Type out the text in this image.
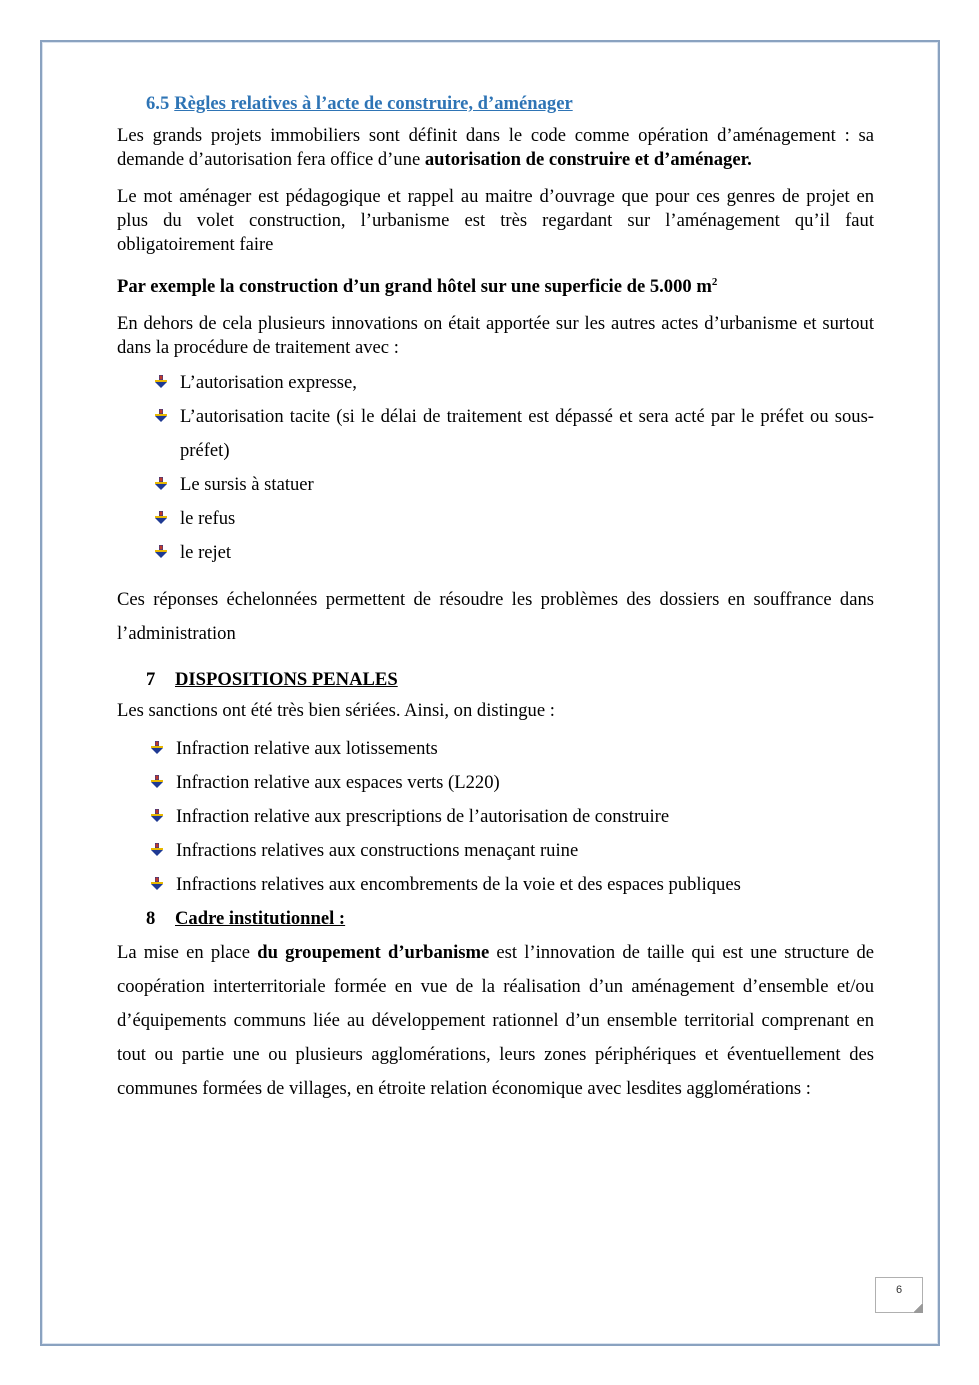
6.5 Règles relatives à l’acte de construire, d’aménager

Les grands projets immobiliers sont définit dans le code comme opération d’aménagement : sa demande d’autorisation fera office d’une autorisation de construire et d’aménager.

Le mot aménager est pédagogique et rappel au maitre d’ouvrage que pour ces genres de projet en plus du volet construction, l’urbanisme est très regardant sur l’aménagement qu’il faut obligatoirement faire

Par exemple la construction d’un grand hôtel sur une superficie de 5.000 $m^2$

En dehors de cela plusieurs innovations on était apportée sur les autres actes d’urbanisme et surtout dans la procédure de traitement avec :

L’autorisation expresse,
L’autorisation tacite (si le délai de traitement est dépassé et sera acté par le préfet ou sous-préfet)
Le sursis à statuer
le refus
le rejet

Ces réponses échelonnées permettent de résoudre les problèmes des dossiers en souffrance dans l’administration

7 DISPOSITIONS PENALES

Les sanctions ont été très bien sériées. Ainsi, on distingue :

Infraction relative aux lotissements
Infraction relative aux espaces verts (L220)
Infraction relative aux prescriptions de l’autorisation de construire
Infractions relatives aux constructions menaçant ruine
Infractions relatives aux encombrements de la voie et des espaces publiques

8 Cadre institutionnel :

La mise en place du groupement d’urbanisme est l’innovation de taille qui est une structure de coopération interterritoriale formée en vue de la réalisation d’un aménagement d’ensemble et/ou d’équipements communs liée au développement rationnel d’un ensemble territorial comprenant en tout ou partie une ou plusieurs agglomérations, leurs zones périphériques et éventuellement des communes formées de villages, en étroite relation économique avec lesdites agglomérations :

6
